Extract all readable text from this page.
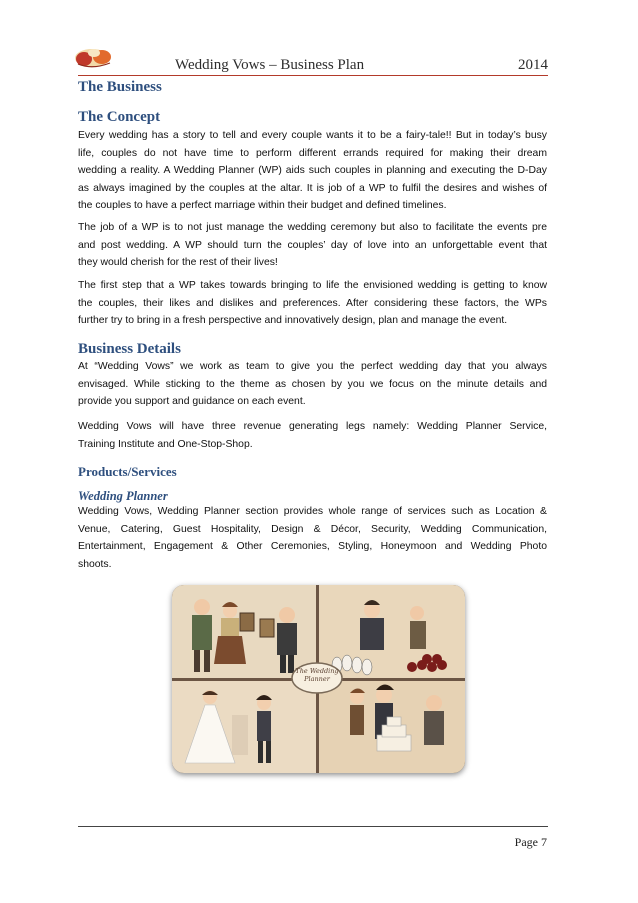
Wedding Vows – Business Plan	2014
The Business
The Concept
Every wedding has a story to tell and every couple wants it to be a fairy-tale!! But in today’s busy
life, couples do not have time to perform different errands required for making their dream
wedding a reality. A Wedding Planner (WP) aids such couples in planning and executing the D-Day
as always imagined by the couples at the altar. It is job of a WP to fulfil the desires and wishes of
the couples to have a perfect marriage within their budget and defined timelines.
The job of a WP is to not just manage the wedding ceremony but also to facilitate the events pre
and post wedding. A WP should turn the couples’ day of love into an unforgettable event that
they would cherish for the rest of their lives!
The first step that a WP takes towards bringing to life the envisioned wedding is getting to know
the couples, their likes and dislikes and preferences. After considering these factors, the WPs
further try to bring in a fresh perspective and innovatively design, plan and manage the event.
Business Details
At “Wedding Vows” we work as team to give you the perfect wedding day that you always
envisaged. While sticking to the theme as chosen by you we focus on the minute details and
provide you support and guidance on each event.
Wedding Vows will have three revenue generating legs namely: Wedding Planner Service,
Training Institute and One-Stop-Shop.
Products/Services
Wedding Planner
Wedding Vows, Wedding Planner section provides whole range of services such as Location &
Venue, Catering, Guest Hospitality, Design & Décor, Security, Wedding Communication,
Entertainment, Engagement & Other Ceremonies, Styling, Honeymoon and Wedding Photo
shoots.
The Wedding
Planner
Page 7
